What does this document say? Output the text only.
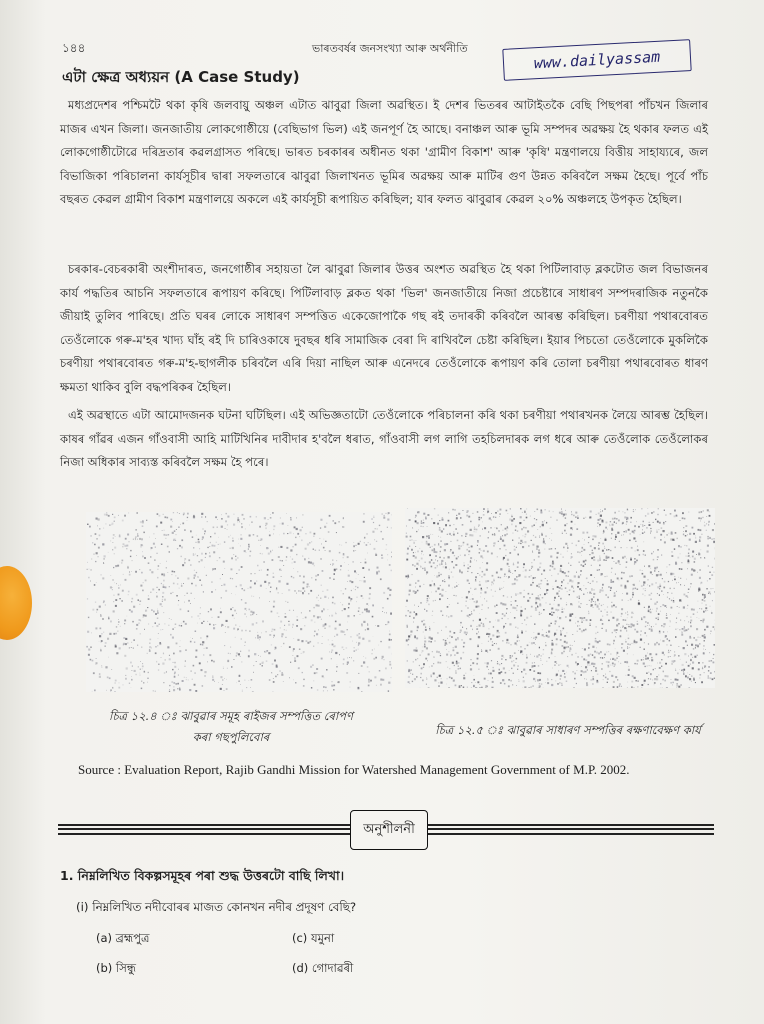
১৪৪	ভাৰতবৰ্ষৰ জনসংখ্যা আৰু অৰ্থনীতি	www.dailyassam
এটা ক্ষেত্ৰ অধ্যয়ন (A Case Study)

মধ্যপ্ৰদেশৰ পশ্চিমটৈ থকা কৃষি জলবায়ু অঞ্চল এটাত ঝাবুৱা জিলা অৱস্থিত। ই দেশৰ ভিতৰৰ আটাইতকৈ বেছি পিছপৰা পাঁচখন জিলাৰ মাজৰ এখন জিলা। জনজাতীয় লোকগোষ্ঠীয়ে (বেছিভাগ ভিল) এই জনপূৰ্ণ হৈ আছে। বনাঞ্চল আৰু ভূমি সম্পদৰ অৱক্ষয় হৈ থকাৰ ফলত এই লোকগোষ্ঠীটোৱে দৰিদ্ৰতাৰ কৱলগ্ৰাসত পৰিছে। ভাৰত চৰকাৰৰ অধীনত থকা 'গ্ৰামীণ বিকাশ' আৰু 'কৃষি' মন্ত্ৰণালয়ে বিত্তীয় সাহায্যৰে, জল বিভাজিকা পৰিচালনা কাৰ্যসূচীৰ দ্বাৰা সফলতাৰে ঝাবুৱা জিলাখনত ভূমিৰ অৱক্ষয় আৰু মাটিৰ গুণ উন্নত কৰিবলৈ সক্ষম হৈছে। পূৰ্বে পাঁচ বছৰত কেৱল গ্ৰামীণ বিকাশ মন্ত্ৰণালয়ে অকলে এই কাৰ্যসূচী ৰূপায়িত কৰিছিল; যাৰ ফলত ঝাবুৱাৰ কেৱল ২০% অঞ্চলহে উপকৃত হৈছিল।

চৰকাৰ-বেচৰকাৰী অংশীদাৰত, জনগোষ্ঠীৰ সহায়তা লৈ ঝাবুৱা জিলাৰ উত্তৰ অংশত অৱস্থিত হৈ থকা পিটিলাবাড় ব্লকটোত জল বিভাজনৰ কাৰ্য পদ্ধতিৰ আচনি সফলতাৰে ৰূপায়ণ কৰিছে। পিটিলাবাড় ব্লকত থকা 'ভিল' জনজাতীয়ে নিজা প্ৰচেষ্টাৰে সাধাৰণ সম্পদৰাজিক নতুনকৈ জীয়াই তুলিব পাৰিছে। প্ৰতি ঘৰৰ লোকে সাধাৰণ সম্পত্তিত একেজোপাকৈ গছ ৰই তদাৰকী কৰিবলৈ আৰম্ভ কৰিছিল। চৰণীয়া পথাৰবোৰত তেওঁলোকে গৰু-ম'হৰ খাদ্য ঘাঁহ ৰই দি চাৰিওকাষে দুবছৰ ধৰি সামাজিক বেৰা দি ৰাখিবলৈ চেষ্টা কৰিছিল। ইয়াৰ পিচতো তেওঁলোকে মুকলিকৈ চৰণীয়া পথাৰবোৰত গৰু-ম'হ-ছাগলীক চৰিবলৈ এৰি দিয়া নাছিল আৰু এনেদৰে তেওঁলোকে ৰূপায়ণ কৰি তোলা চৰণীয়া পথাৰবোৰত ধাৰণ ক্ষমতা থাকিব বুলি বদ্ধপৰিকৰ হৈছিল।

এই অৱস্থাতে এটা আমোদজনক ঘটনা ঘটিছিল। এই অভিজ্ঞতাটো তেওঁলোকে পৰিচালনা কৰি থকা চৰণীয়া পথাৰখনক লৈয়ে আৰম্ভ হৈছিল। কাষৰ গাঁৱৰ এজন গাঁওবাসী আহি মাটিখিনিৰ দাবীদাৰ হ'বলৈ ধৰাত, গাঁওবাসী লগ লাগি তহচিলদাৰক লগ ধৰে আৰু তেওঁলোক তেওঁলোকৰ নিজা অধিকাৰ সাব্যস্ত কৰিবলৈ সক্ষম হৈ পৰে।

চিত্ৰ ১২.৪ ঃ ঝাবুৱাৰ সমূহ ৰাইজৰ সম্পত্তিত ৰোপণ কৰা গছপুলিবোৰ	চিত্ৰ ১২.৫ ঃ ঝাবুৱাৰ সাধাৰণ সম্পত্তিৰ ৰক্ষণাবেক্ষণ কাৰ্য
Source : Evaluation Report, Rajib Gandhi Mission for Watershed Management Government of M.P. 2002.
অনুশীলনী
1. নিম্নলিখিত বিকল্পসমূহৰ পৰা শুদ্ধ উত্তৰটো বাছি লিখা।
(i) নিম্নলিখিত নদীবোৰৰ মাজত কোনখন নদীৰ প্ৰদূষণ বেছি?
(a) ব্ৰহ্মপুত্ৰ	(c) যমুনা
(b) সিন্ধু	(d) গোদাৱৰী
